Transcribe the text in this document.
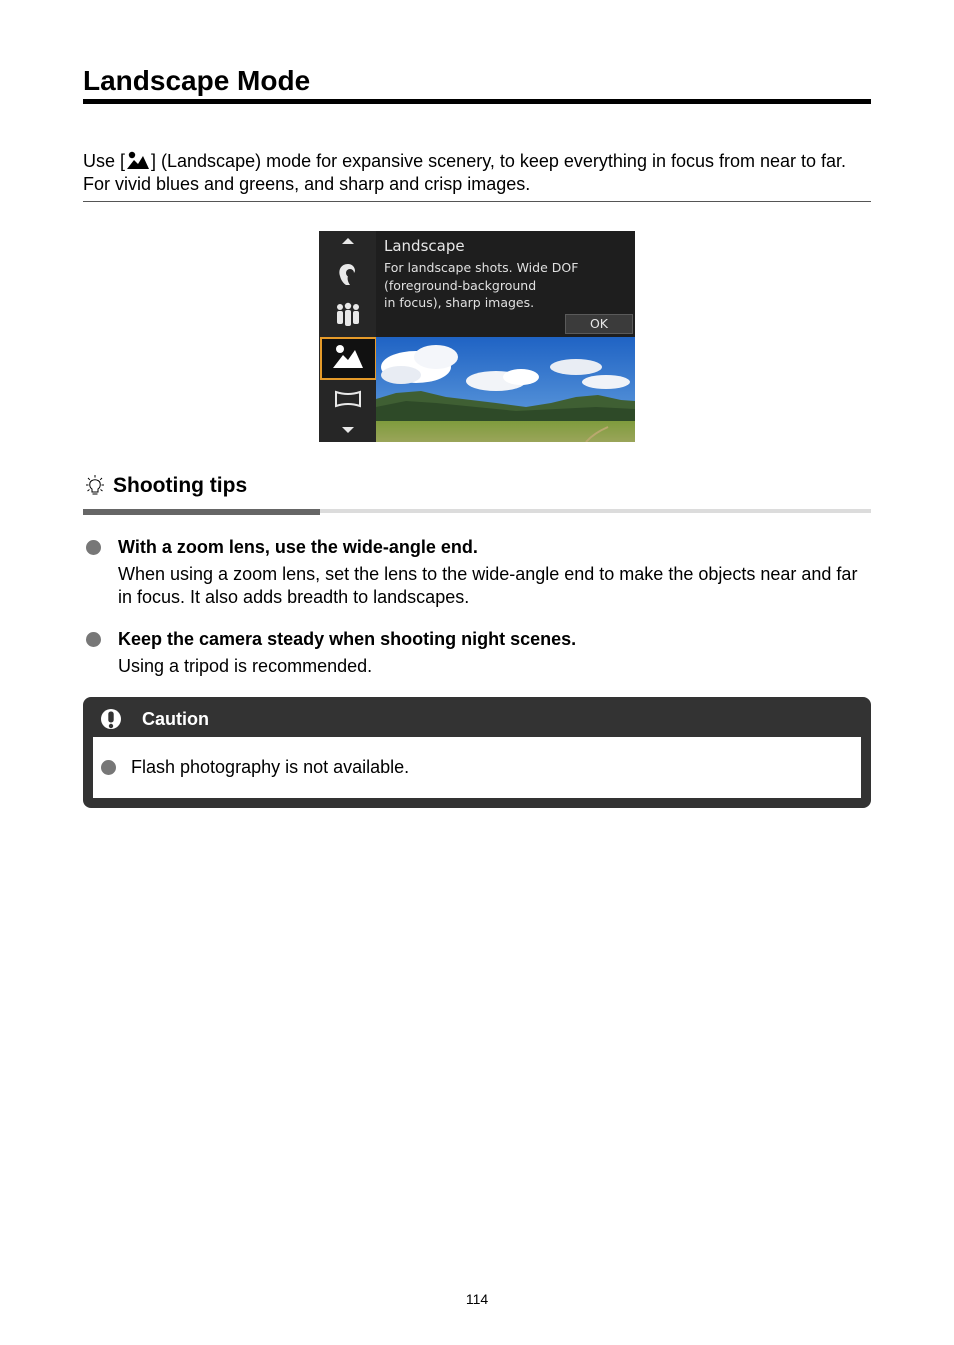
Landscape Mode

Use [ ] (Landscape) mode for expansive scenery, to keep everything in focus from near to far. For vivid blues and greens, and sharp and crisp images.

Landscape
For landscape shots. Wide DOF
(foreground-background
in focus), sharp images.
OK
Shooting tips
With a zoom lens, use the wide-angle end.
When using a zoom lens, set the lens to the wide-angle end to make the objects near and far in focus. It also adds breadth to landscapes.
Keep the camera steady when shooting night scenes.
Using a tripod is recommended.
Caution
Flash photography is not available.
114
